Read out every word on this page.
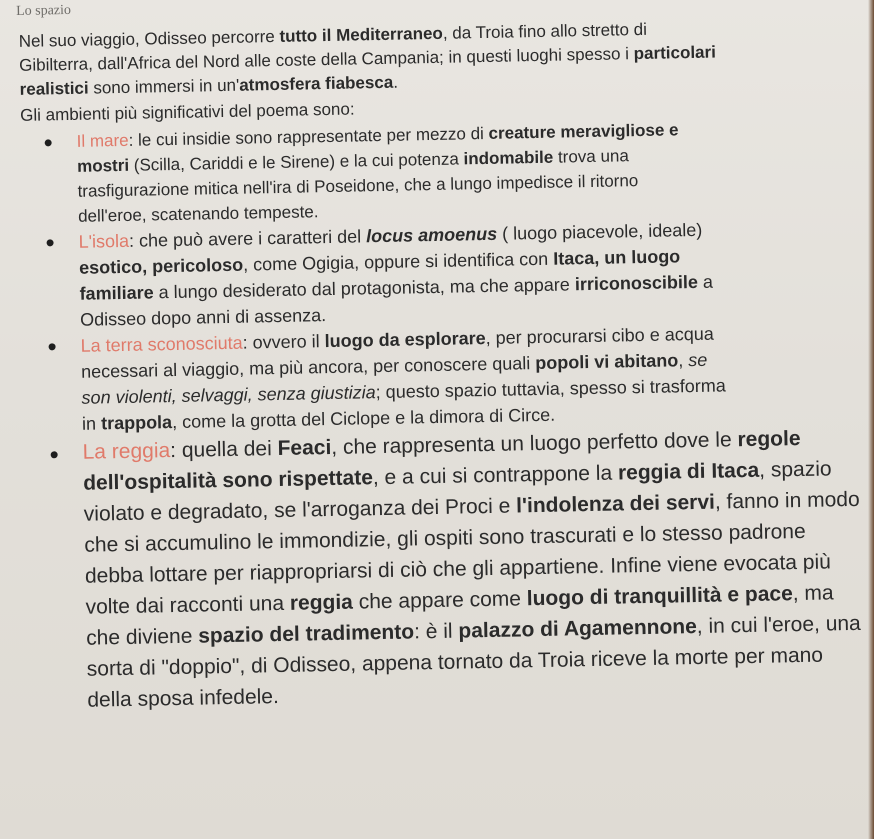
Lo spazio

Nel suo viaggio, Odisseo percorre tutto il Mediterraneo, da Troia fino allo stretto di Gibilterra, dall'Africa del Nord alle coste della Campania; in questi luoghi spesso i particolari realistici sono immersi in un'atmosfera fiabesca.

Gli ambienti più significativi del poema sono:

Il mare: le cui insidie sono rappresentate per mezzo di creature meravigliose e mostri (Scilla, Cariddi e le Sirene) e la cui potenza indomabile trova una trasfigurazione mitica nell'ira di Poseidone, che a lungo impedisce il ritorno dell'eroe, scatenando tempeste.
L'isola: che può avere i caratteri del locus amoenus ( luogo piacevole, ideale) esotico, pericoloso, come Ogigia, oppure si identifica con Itaca, un luogo familiare a lungo desiderato dal protagonista, ma che appare irriconoscibile a Odisseo dopo anni di assenza.
La terra sconosciuta: ovvero il luogo da esplorare, per procurarsi cibo e acqua necessari al viaggio, ma più ancora, per conoscere quali popoli vi abitano, se son violenti, selvaggi, senza giustizia; questo spazio tuttavia, spesso si trasforma in trappola, come la grotta del Ciclope e la dimora di Circe.
La reggia: quella dei Feaci, che rappresenta un luogo perfetto dove le regole dell'ospitalità sono rispettate, e a cui si contrappone la reggia di Itaca, spazio violato e degradato, se l'arroganza dei Proci e l'indolenza dei servi, fanno in modo che si accumulino le immondizie, gli ospiti sono trascurati e lo stesso padrone debba lottare per riappropriarsi di ciò che gli appartiene. Infine viene evocata più volte dai racconti una reggia che appare come luogo di tranquillità e pace, ma che diviene spazio del tradimento: è il palazzo di Agamennone, in cui l'eroe, una sorta di "doppio", di Odisseo, appena tornato da Troia riceve la morte per mano della sposa infedele.
